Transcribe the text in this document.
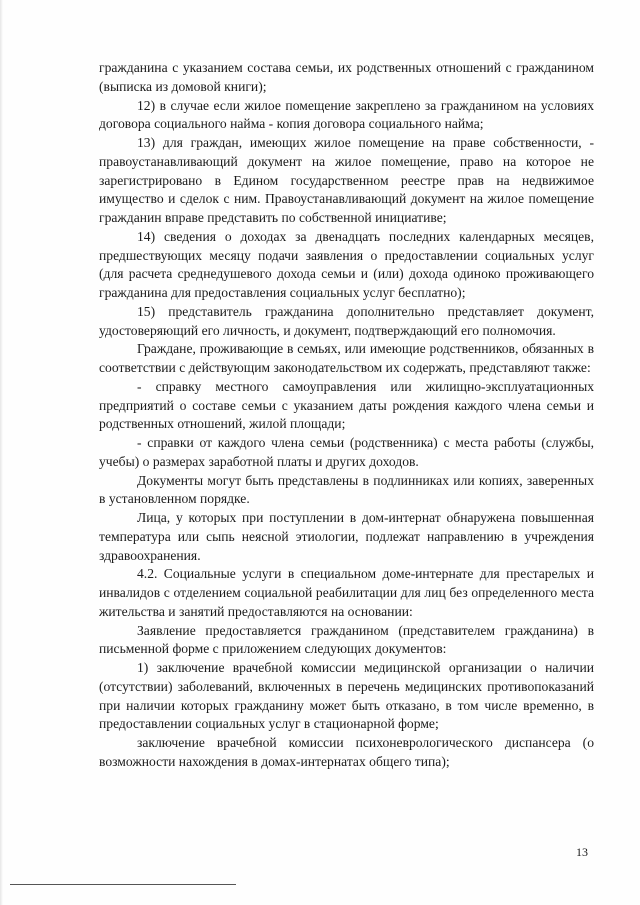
гражданина с указанием состава семьи, их родственных отношений с гражданином (выписка из домовой книги);

12) в случае если жилое помещение закреплено за гражданином на условиях договора социального найма - копия договора социального найма;

13) для граждан, имеющих жилое помещение на праве собственности, - правоустанавливающий документ на жилое помещение, право на которое не зарегистрировано в Едином государственном реестре прав на недвижимое имущество и сделок с ним. Правоустанавливающий документ на жилое помещение гражданин вправе представить по собственной инициативе;

14) сведения о доходах за двенадцать последних календарных месяцев, предшествующих месяцу подачи заявления о предоставлении социальных услуг (для расчета среднедушевого дохода семьи и (или) дохода одиноко проживающего гражданина для предоставления социальных услуг бесплатно);

15) представитель гражданина дополнительно представляет документ, удостоверяющий его личность, и документ, подтверждающий его полномочия.

Граждане, проживающие в семьях, или имеющие родственников, обязанных в соответствии с действующим законодательством их содержать, представляют также:

- справку местного самоуправления или жилищно-эксплуатационных предприятий о составе семьи с указанием даты рождения каждого члена семьи и родственных отношений, жилой площади;

- справки от каждого члена семьи (родственника) с места работы (службы, учебы) о размерах заработной платы и других доходов.

Документы могут быть представлены в подлинниках или копиях, заверенных в установленном порядке.

Лица, у которых при поступлении в дом-интернат обнаружена повышенная температура или сыпь неясной этиологии, подлежат направлению в учреждения здравоохранения.

4.2. Социальные услуги в специальном доме-интернате для престарелых и инвалидов с отделением социальной реабилитации для лиц без определенного места жительства и занятий предоставляются на основании:

Заявление предоставляется гражданином (представителем гражданина) в письменной форме с приложением следующих документов:

1) заключение врачебной комиссии медицинской организации о наличии (отсутствии) заболеваний, включенных в перечень медицинских противопоказаний при наличии которых гражданину может быть отказано, в том числе временно, в предоставлении социальных услуг в стационарной форме;

заключение врачебной комиссии психоневрологического диспансера (о возможности нахождения в домах-интернатах общего типа);

13
